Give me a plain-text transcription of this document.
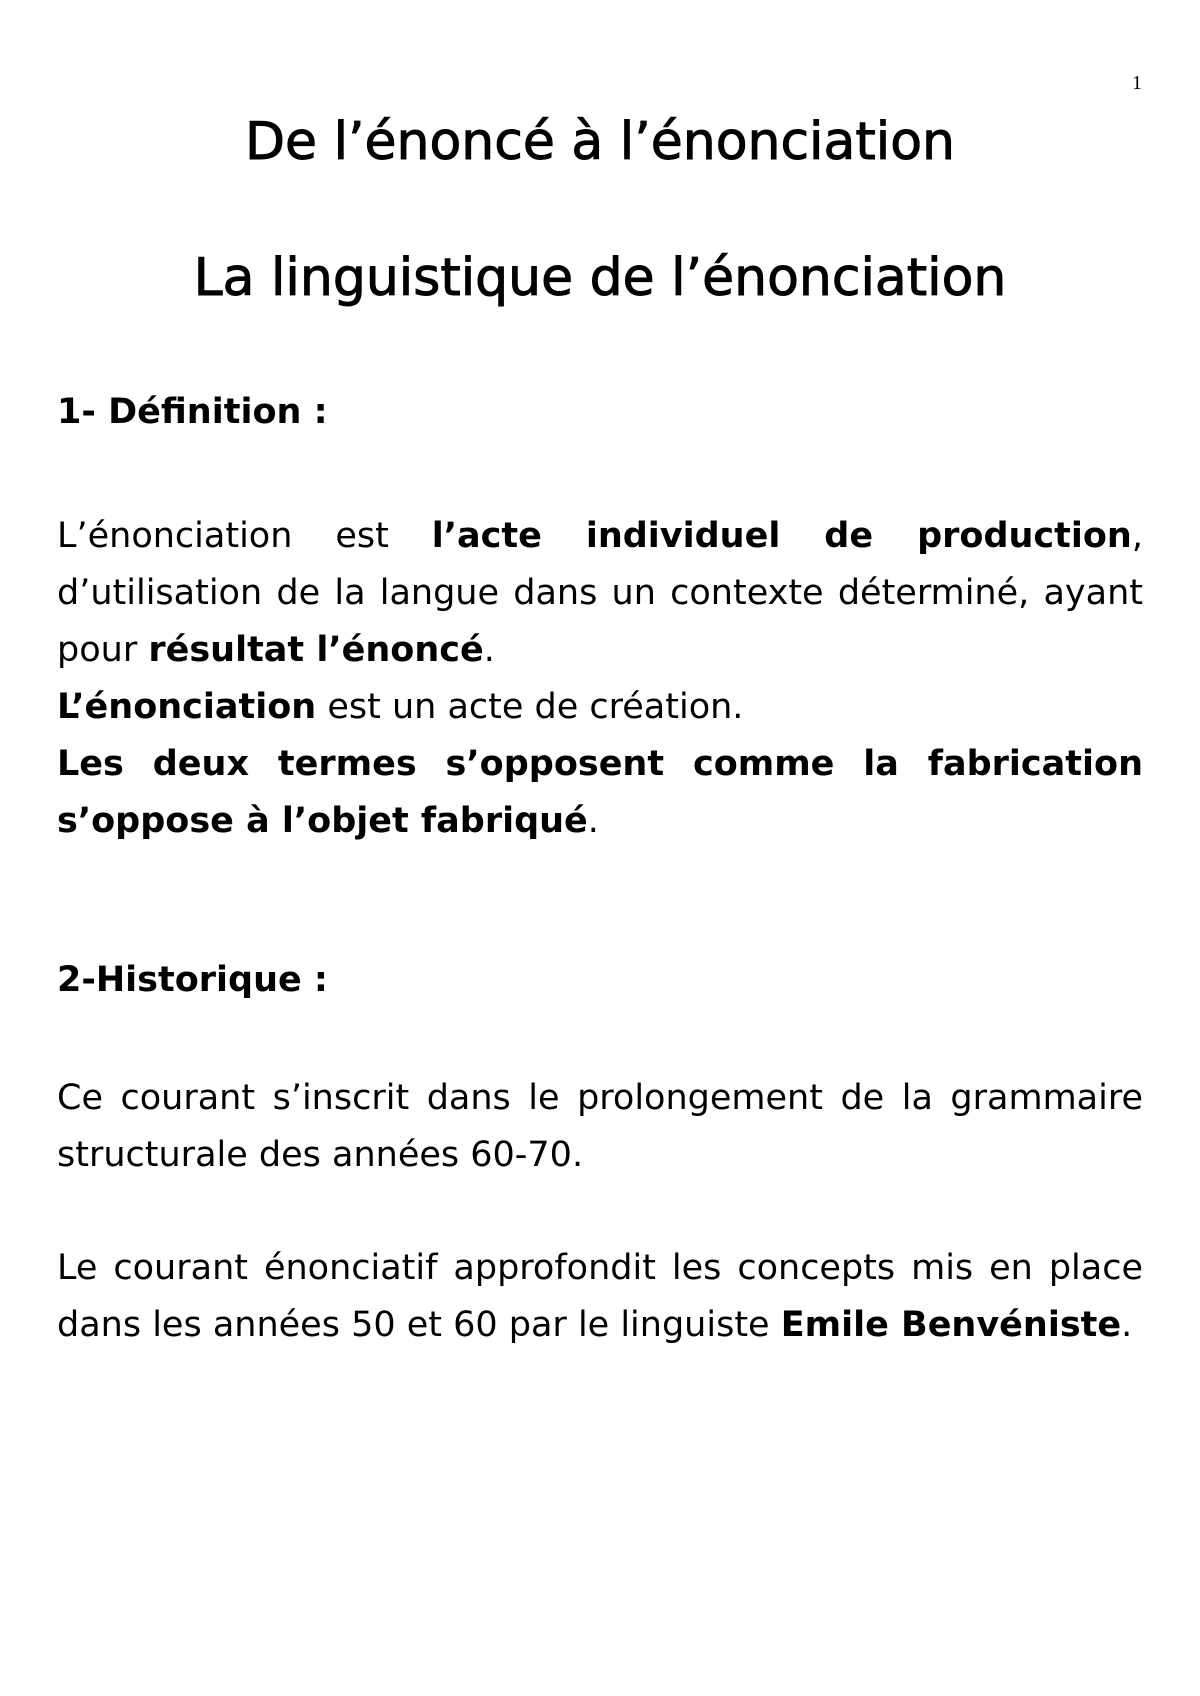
1
De l’énoncé à l’énonciation
La linguistique de l’énonciation
1- Définition :

L’énonciation est l’acte individuel de production, d’utilisation de la langue dans un contexte déterminé, ayant pour résultat l’énoncé.

L’énonciation est un acte de création.

Les deux termes s’opposent comme la fabrication s’oppose à l’objet fabriqué.

2-Historique :

Ce courant s’inscrit dans le prolongement de la grammaire structurale des années 60-70.

Le courant énonciatif approfondit les concepts mis en place dans les années 50 et 60 par le linguiste Emile Benvéniste.
